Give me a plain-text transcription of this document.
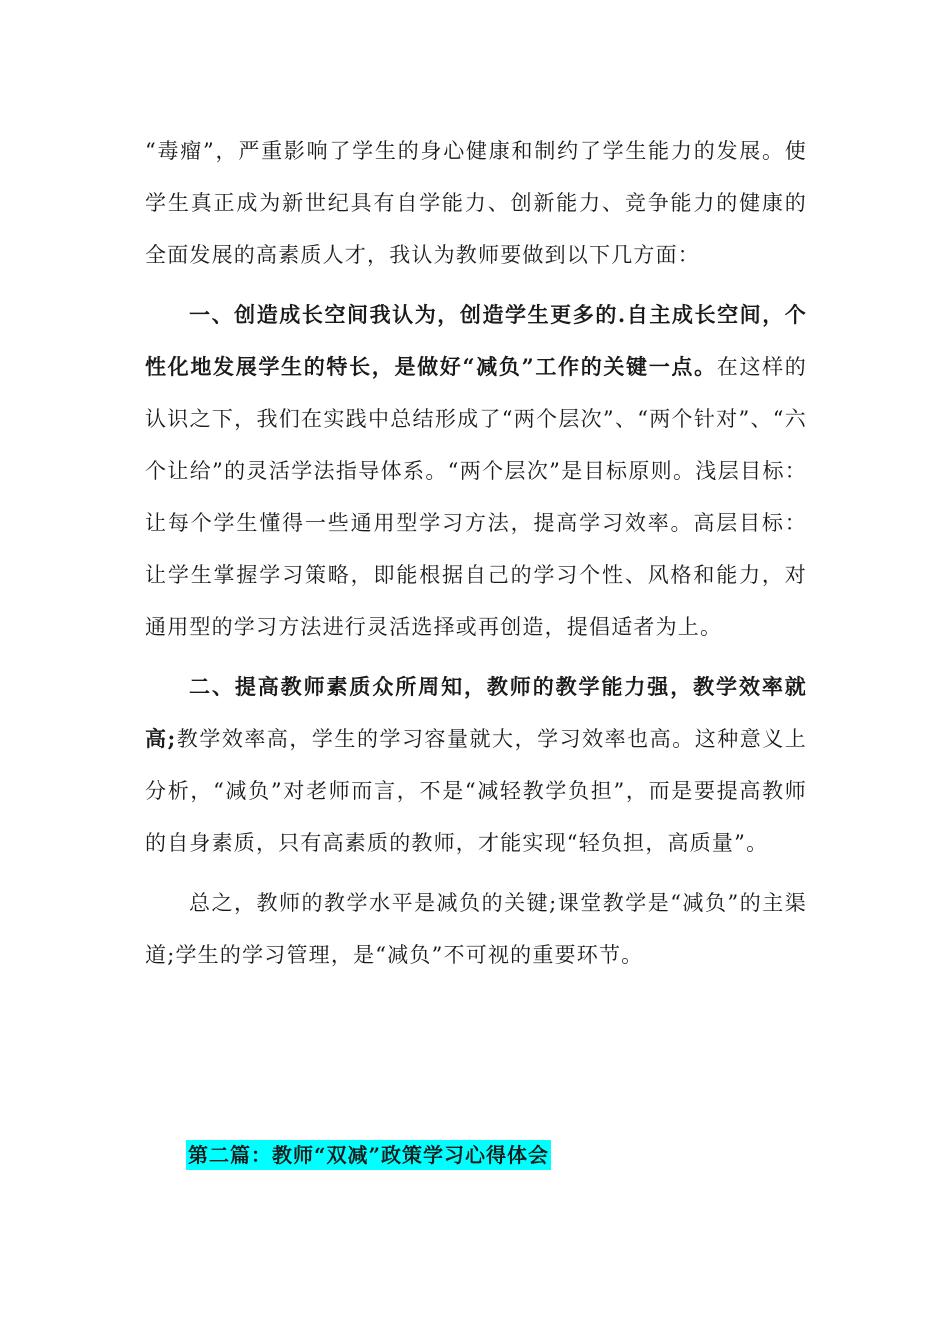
“毒瘤”，严重影响了学生的身心健康和制约了学生能力的发展。使学生真正成为新世纪具有自学能力、创新能力、竞争能力的健康的全面发展的高素质人才，我认为教师要做到以下几方面：

一、创造成长空间我认为，创造学生更多的.自主成长空间，个性化地发展学生的特长，是做好“减负”工作的关键一点。在这样的认识之下，我们在实践中总结形成了“两个层次”、“两个针对”、“六个让给”的灵活学法指导体系。“两个层次”是目标原则。浅层目标：让每个学生懂得一些通用型学习方法，提高学习效率。高层目标：让学生掌握学习策略，即能根据自己的学习个性、风格和能力，对通用型的学习方法进行灵活选择或再创造，提倡适者为上。

二、提高教师素质众所周知，教师的教学能力强，教学效率就高;教学效率高，学生的学习容量就大，学习效率也高。这种意义上分析，“减负”对老师而言，不是“减轻教学负担”，而是要提高教师的自身素质，只有高素质的教师，才能实现“轻负担，高质量”。

总之，教师的教学水平是减负的关键;课堂教学是“减负”的主渠道;学生的学习管理，是“减负”不可视的重要环节。

第二篇：教师“双减”政策学习心得体会
